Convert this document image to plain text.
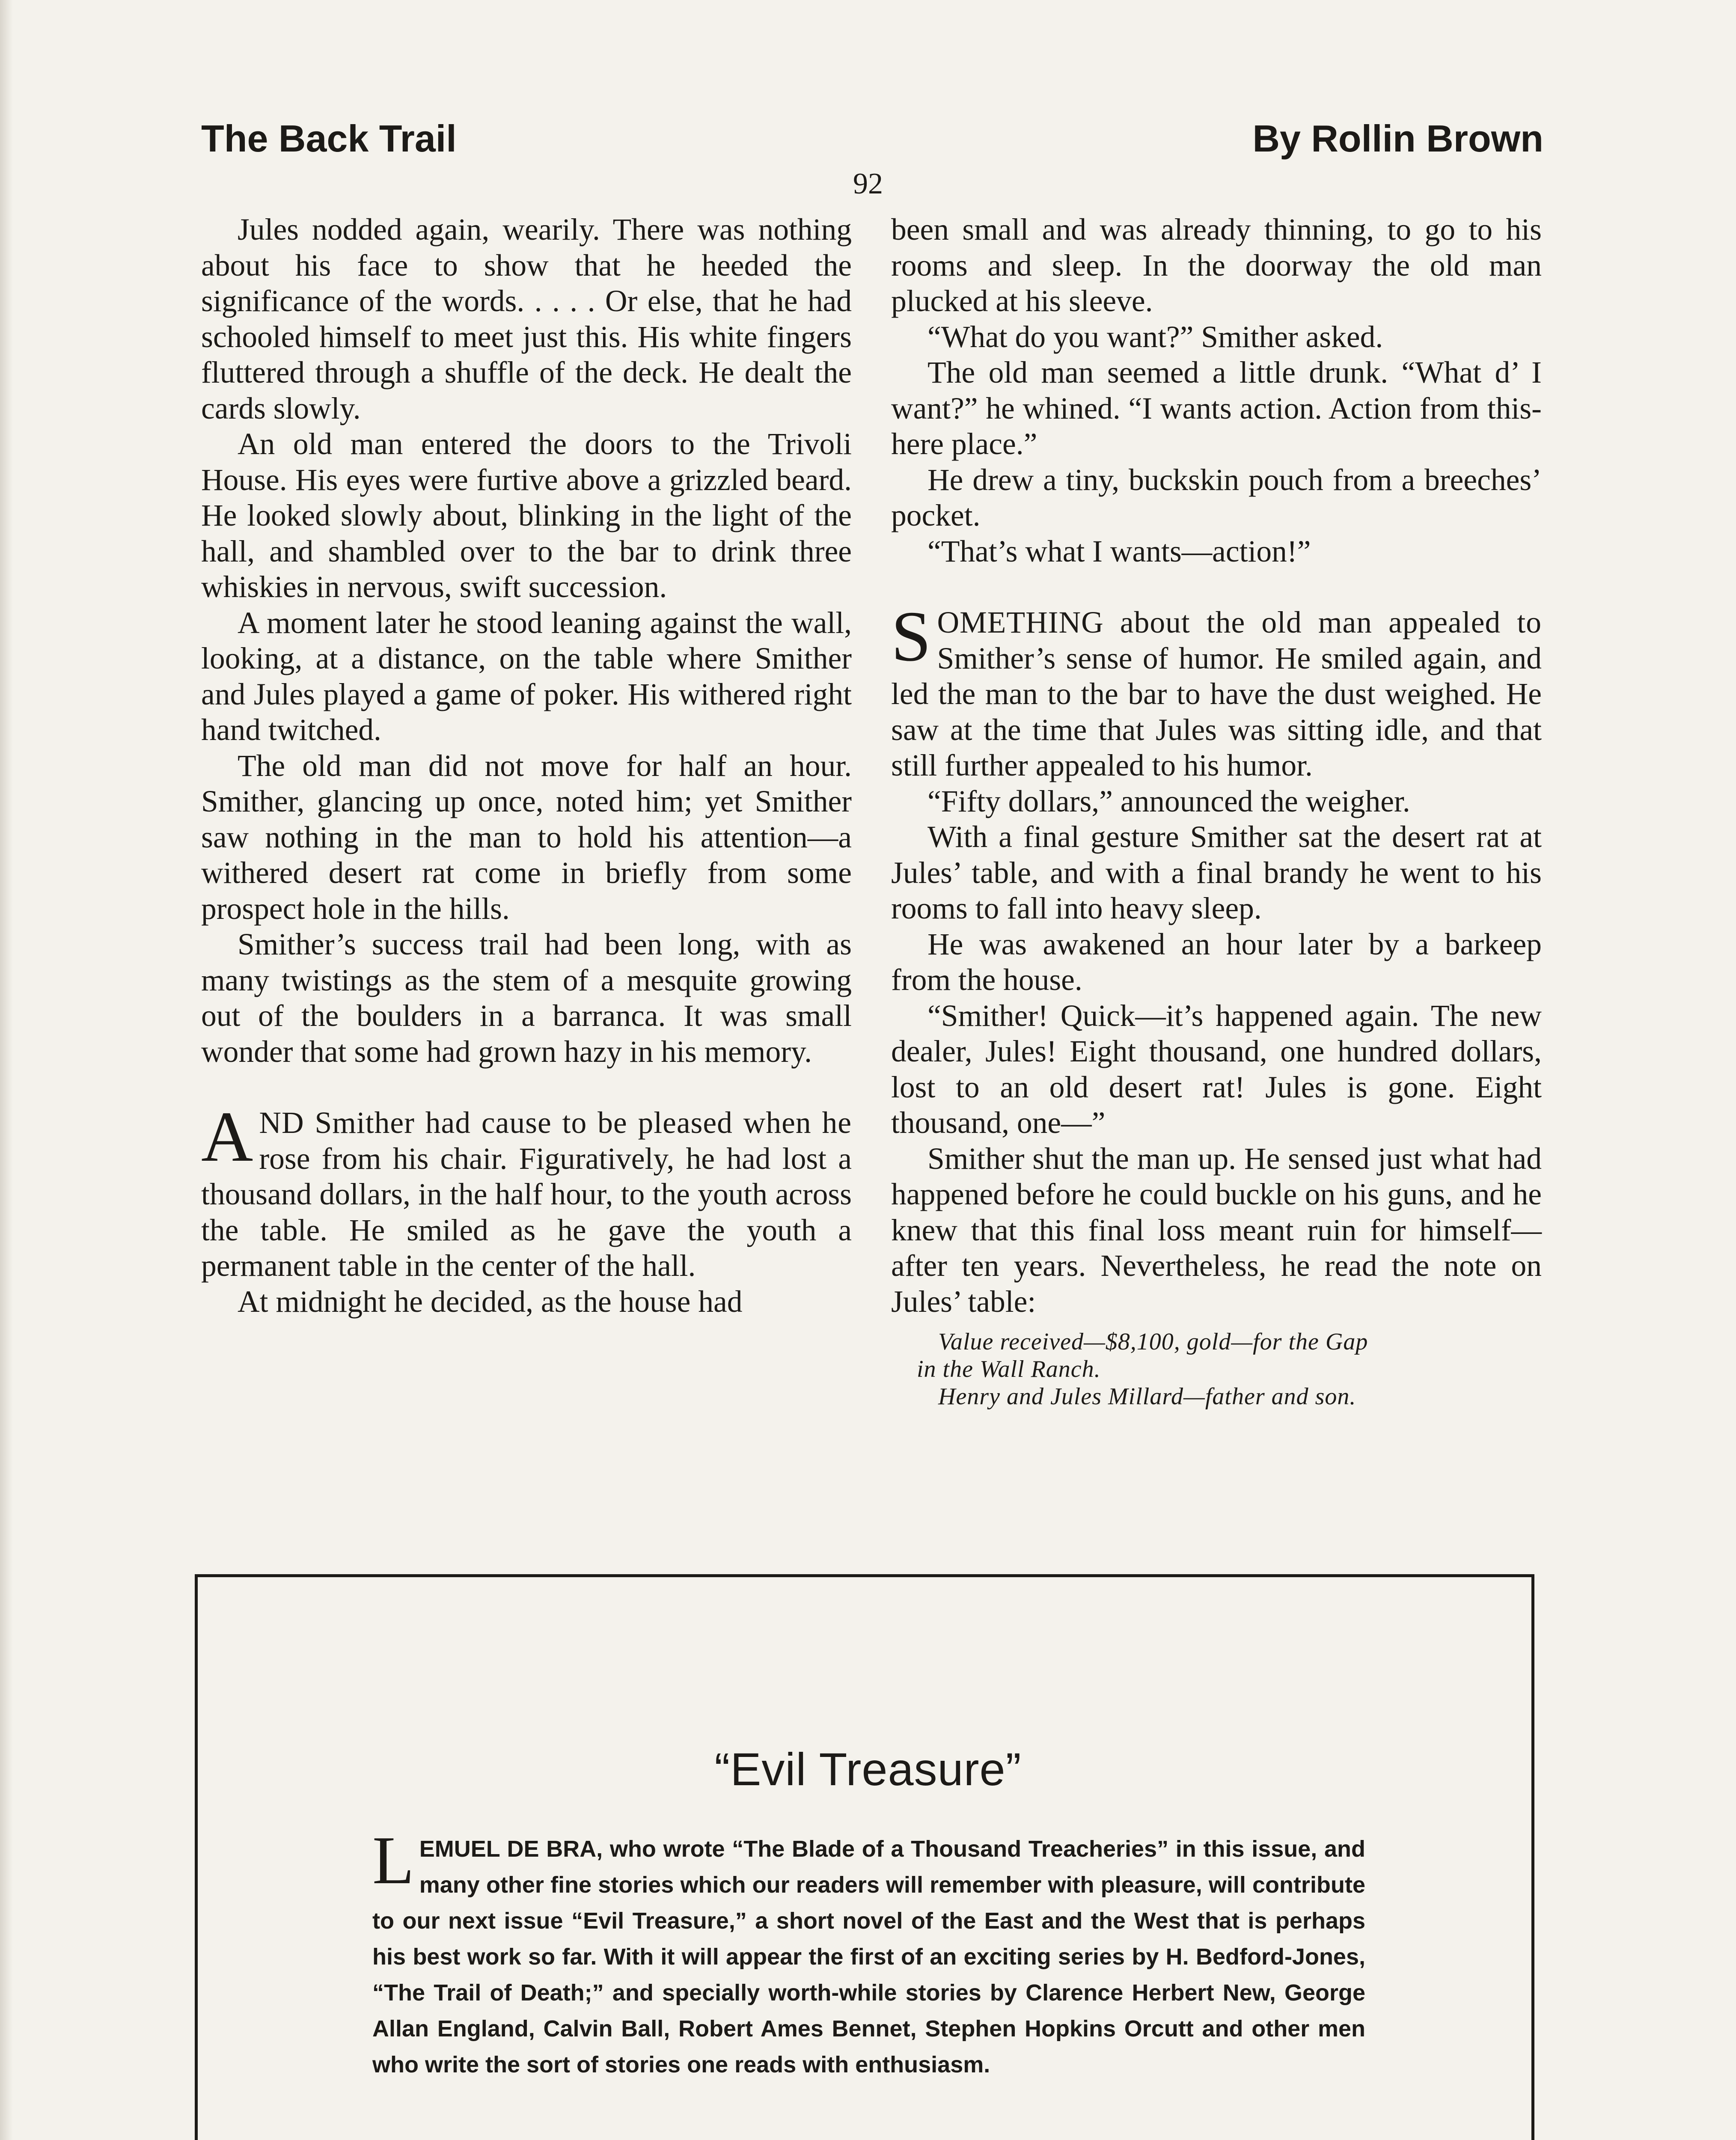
The Back Trail	By Rollin Brown
92

Jules nodded again, wearily. There was nothing about his face to show that he heeded the significance of the words. . . . . Or else, that he had schooled himself to meet just this. His white fingers fluttered through a shuffle of the deck. He dealt the cards slowly.

An old man entered the doors to the Trivoli House. His eyes were furtive above a grizzled beard. He looked slowly about, blinking in the light of the hall, and shambled over to the bar to drink three whiskies in nervous, swift succession.

A moment later he stood leaning against the wall, looking, at a distance, on the table where Smither and Jules played a game of poker. His withered right hand twitched.

The old man did not move for half an hour. Smither, glancing up once, noted him; yet Smither saw nothing in the man to hold his attention—a withered desert rat come in briefly from some prospect hole in the hills.

Smither’s success trail had been long, with as many twistings as the stem of a mesquite growing out of the boulders in a barranca. It was small wonder that some had grown hazy in his memory.

AND Smither had cause to be pleased when he rose from his chair. Figuratively, he had lost a thousand dollars, in the half hour, to the youth across the table. He smiled as he gave the youth a permanent table in the center of the hall.

At midnight he decided, as the house had

been small and was already thinning, to go to his rooms and sleep. In the doorway the old man plucked at his sleeve.

“What do you want?” Smither asked.

The old man seemed a little drunk. “What d’ I want?” he whined. “I wants action. Action from this-here place.”

He drew a tiny, buckskin pouch from a breeches’ pocket.

“That’s what I wants—action!”

SOMETHING about the old man appealed to Smither’s sense of humor. He smiled again, and led the man to the bar to have the dust weighed. He saw at the time that Jules was sitting idle, and that still further appealed to his humor.

“Fifty dollars,” announced the weigher.

With a final gesture Smither sat the desert rat at Jules’ table, and with a final brandy he went to his rooms to fall into heavy sleep.

He was awakened an hour later by a barkeep from the house.

“Smither! Quick—it’s happened again. The new dealer, Jules! Eight thousand, one hundred dollars, lost to an old desert rat! Jules is gone. Eight thousand, one—”

Smither shut the man up. He sensed just what had happened before he could buckle on his guns, and he knew that this final loss meant ruin for himself—after ten years. Nevertheless, he read the note on Jules’ table:

Value received—$8,100, gold—for the Gap
in the Wall Ranch.
Henry and Jules Millard—father and son.
“Evil Treasure”
LEMUEL DE BRA, who wrote “The Blade of a Thousand Treacheries” in this issue, and many other fine stories which our readers will remember with pleasure, will contribute to our next issue “Evil Treasure,” a short novel of the East and the West that is perhaps his best work so far. With it will appear the first of an exciting series by H. Bedford-Jones, “The Trail of Death;” and specially worth-while stories by Clarence Herbert New, George Allan England, Calvin Ball, Robert Ames Bennet, Stephen Hopkins Orcutt and other men who write the sort of stories one reads with enthusiasm.
